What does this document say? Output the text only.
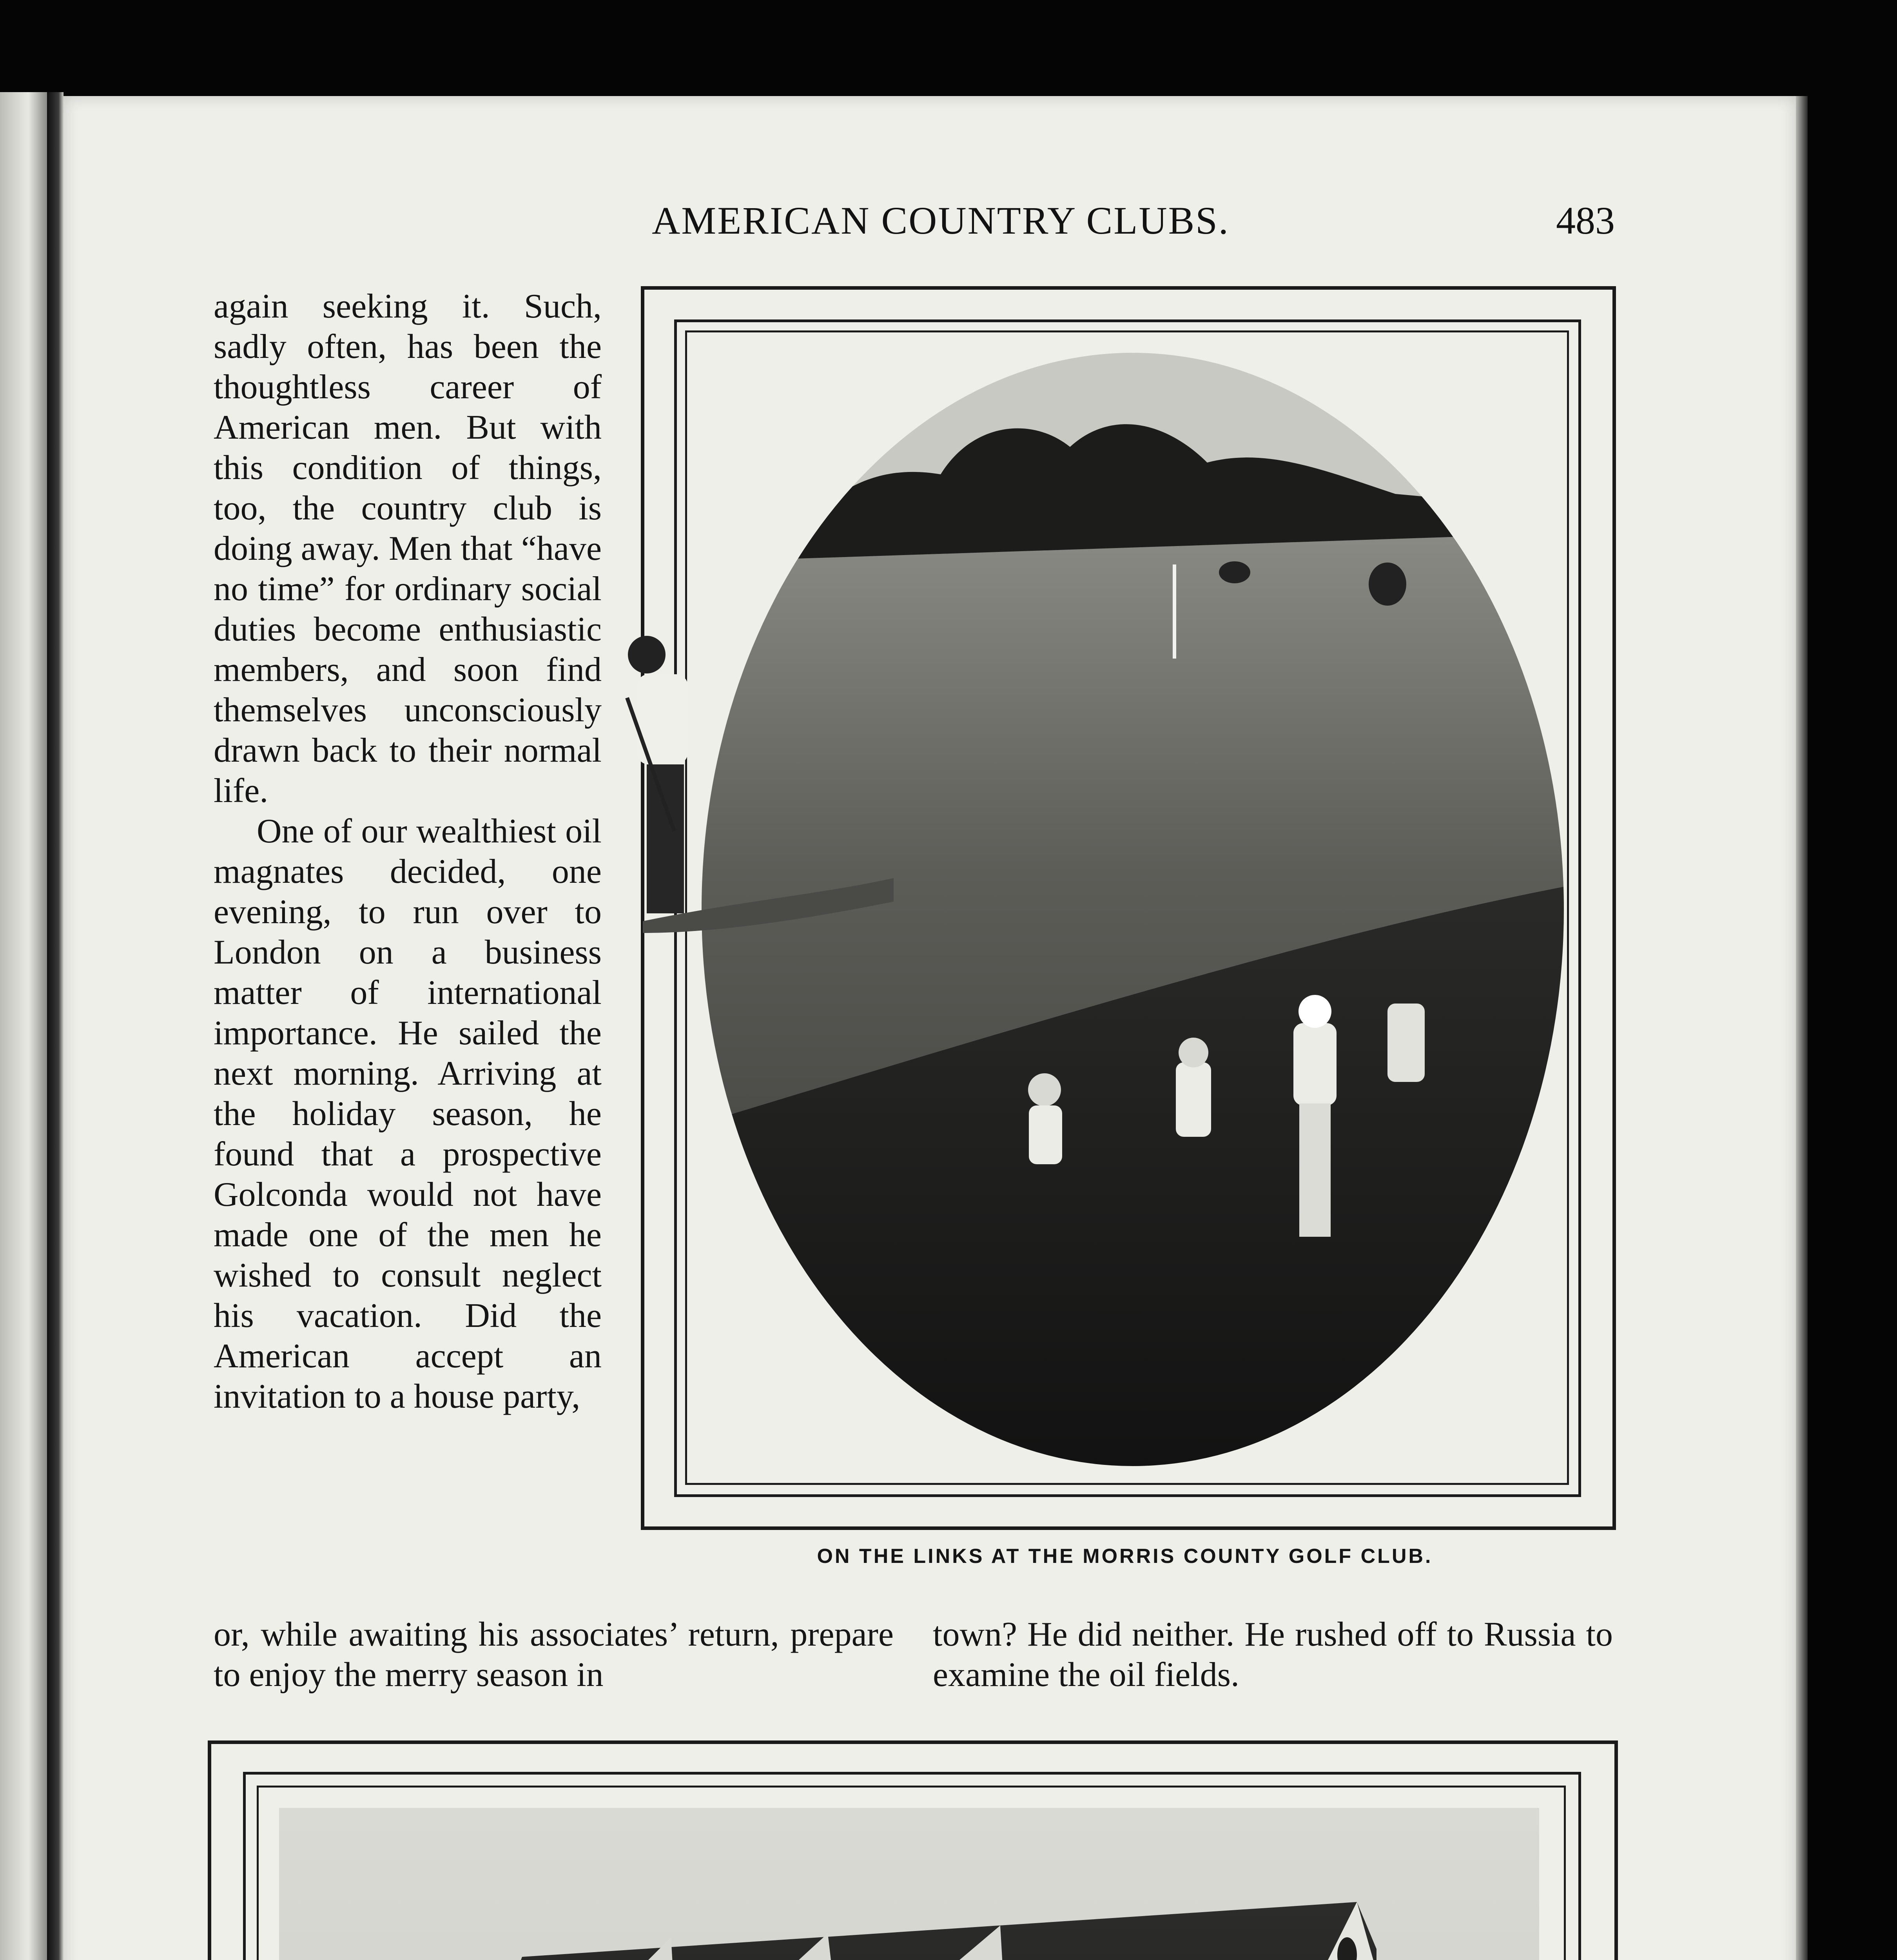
AMERICAN COUNTRY CLUBS.	483

again seeking it. Such, sadly often, has been the thoughtless career of American men. But with this condition of things, too, the country club is doing away. Men that “have no time” for ordinary social duties become enthusiastic members, and soon find themselves unconsciously drawn back to their normal life.

One of our wealthiest oil magnates decided, one evening, to run over to London on a business matter of international importance. He sailed the next morning. Arriving at the holiday season, he found that a prospective Golconda would not have made one of the men he wished to consult neglect his vacation. Did the American accept an invitation to a house party,

ON THE LINKS AT THE MORRIS COUNTY GOLF CLUB.

or, while awaiting his associates’ return, prepare to enjoy the merry season in

town? He did neither. He rushed off to Russia to examine the oil fields.
